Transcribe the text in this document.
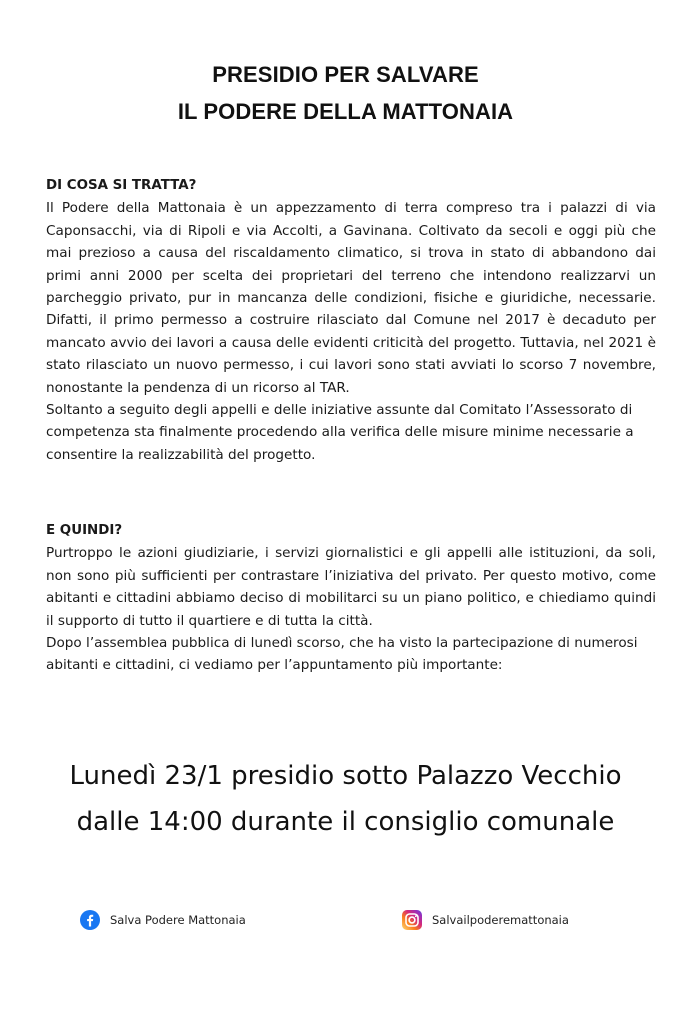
PRESIDIO PER SALVARE
IL PODERE DELLA MATTONAIA

DI COSA SI TRATTA?

Il Podere della Mattonaia è un appezzamento di terra compreso tra i palazzi di via Caponsacchi, via di Ripoli e via Accolti, a Gavinana. Coltivato da secoli e oggi più che mai prezioso a causa del riscaldamento climatico, si trova in stato di abbandono dai primi anni 2000 per scelta dei proprietari del terreno che intendono realizzarvi un parcheggio privato, pur in mancanza delle condizioni, fisiche e giuridiche, necessarie. Difatti, il primo permesso a costruire rilasciato dal Comune nel 2017 è decaduto per mancato avvio dei lavori a causa delle evidenti criticità del progetto. Tuttavia, nel 2021 è stato rilasciato un nuovo permesso, i cui lavori sono stati avviati lo scorso 7 novembre, nonostante la pendenza di un ricorso al TAR.

Soltanto a seguito degli appelli e delle iniziative assunte dal Comitato l’Assessorato di competenza sta finalmente procedendo alla verifica delle misure minime necessarie a consentire la realizzabilità del progetto.

E QUINDI?

Purtroppo le azioni giudiziarie, i servizi giornalistici e gli appelli alle istituzioni, da soli, non sono più sufficienti per contrastare l’iniziativa del privato. Per questo motivo, come abitanti e cittadini abbiamo deciso di mobilitarci su un piano politico, e chiediamo quindi il supporto di tutto il quartiere e di tutta la città.

Dopo l’assemblea pubblica di lunedì scorso, che ha visto la partecipazione di numerosi abitanti e cittadini, ci vediamo per l’appuntamento più importante:

Lunedì 23/1 presidio sotto Palazzo Vecchio
dalle 14:00 durante il consiglio comunale
Salva Podere Mattonaia	Salvailpoderemattonaia
